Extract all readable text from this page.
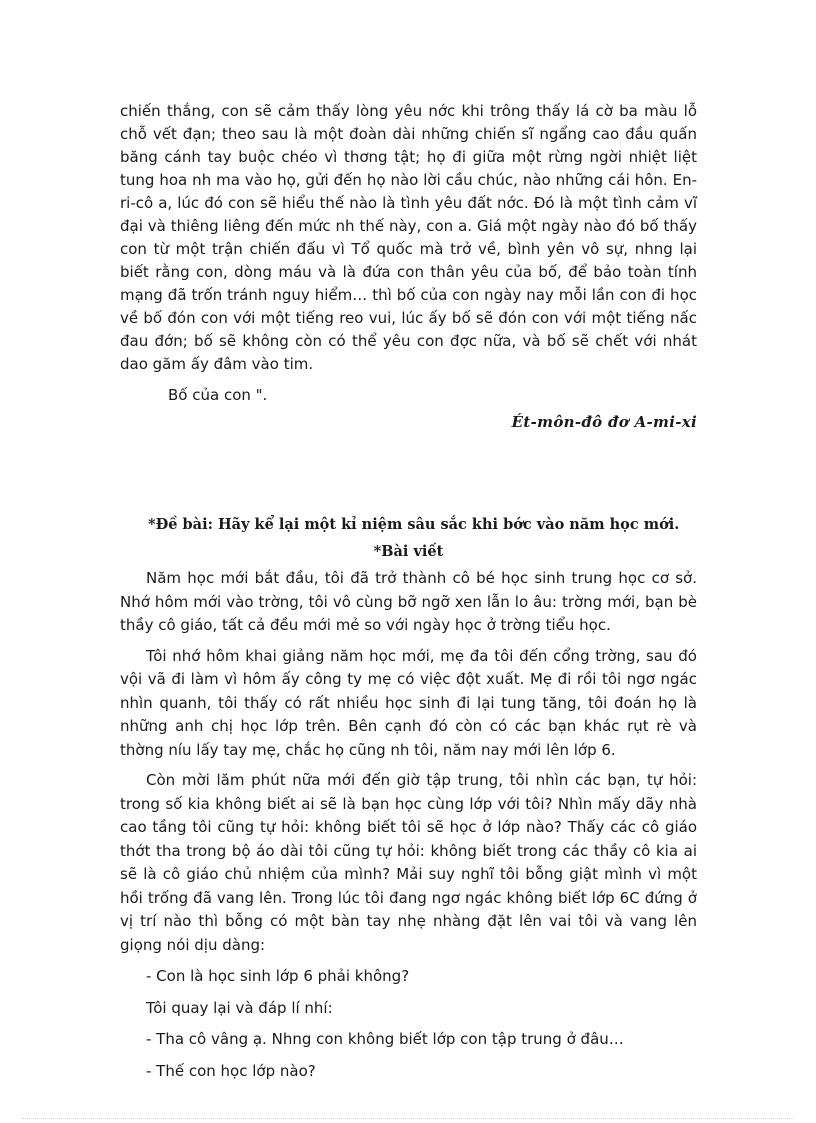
chiến thắng, con sẽ cảm thấy lòng yêu nớc khi trông thấy lá cờ ba màu lỗ chỗ vết đạn; theo sau là một đoàn dài những chiến sĩ ngẩng cao đầu quấn băng cánh tay buộc chéo vì thơng tật; họ đi giữa một rừng ngời nhiệt liệt tung hoa nh ma vào họ, gửi đến họ nào lời cầu chúc, nào những cái hôn. En-ri-cô a, lúc đó con sẽ hiểu thế nào là tình yêu đất nớc. Đó là một tình cảm vĩ đại và thiêng liêng đến mức nh thế này, con a. Giá một ngày nào đó bố thấy con từ một trận chiến đấu vì Tổ quốc mà trở về, bình yên vô sự, nhng lại biết rằng con, dòng máu và là đứa con thân yêu của bố, để bảo toàn tính mạng đã trốn tránh nguy hiểm… thì bố của con ngày nay mỗi lần con đi học về bố đón con với một tiếng reo vui, lúc ấy bố sẽ đón con với một tiếng nấc đau đớn; bố sẽ không còn có thể yêu con đợc nữa, và bố sẽ chết với nhát dao găm ấy đâm vào tim.

Bố của con ".

Ét-môn-đô đơ A-mi-xi

*Đề bài: Hãy kể lại một kỉ niệm sâu sắc khi bớc vào năm học mới.

*Bài viết

Năm học mới bắt đầu, tôi đã trở thành cô bé học sinh trung học cơ sở. Nhớ hôm mới vào trờng, tôi vô cùng bỡ ngỡ xen lẫn lo âu: trờng mới, bạn bè thầy cô giáo, tất cả đều mới mẻ so với ngày học ở trờng tiểu học.

Tôi nhớ hôm khai giảng năm học mới, mẹ đa tôi đến cổng trờng, sau đó vội vã đi làm vì hôm ấy công ty mẹ có việc đột xuất. Mẹ đi rồi tôi ngơ ngác nhìn quanh, tôi thấy có rất nhiều học sinh đi lại tung tăng, tôi đoán họ là những anh chị học lớp trên. Bên cạnh đó còn có các bạn khác rụt rè và thờng níu lấy tay mẹ, chắc họ cũng nh tôi, năm nay mới lên lớp 6.

Còn mời lăm phút nữa mới đến giờ tập trung, tôi nhìn các bạn, tự hỏi: trong số kia không biết ai sẽ là bạn học cùng lớp với tôi? Nhìn mấy dãy nhà cao tầng tôi cũng tự hỏi: không biết tôi sẽ học ở lớp nào? Thấy các cô giáo thớt tha trong bộ áo dài tôi cũng tự hỏi: không biết trong các thầy cô kia ai sẽ là cô giáo chủ nhiệm của mình? Mải suy nghĩ tôi bỗng giật mình vì một hồi trống đã vang lên. Trong lúc tôi đang ngơ ngác không biết lớp 6C đứng ở vị trí nào thì bỗng có một bàn tay nhẹ nhàng đặt lên vai tôi và vang lên giọng nói dịu dàng:

- Con là học sinh lớp 6 phải không?

Tôi quay lại và đáp lí nhí:

- Tha cô vâng ạ. Nhng con không biết lớp con tập trung ở đâu…

- Thế con học lớp nào?
